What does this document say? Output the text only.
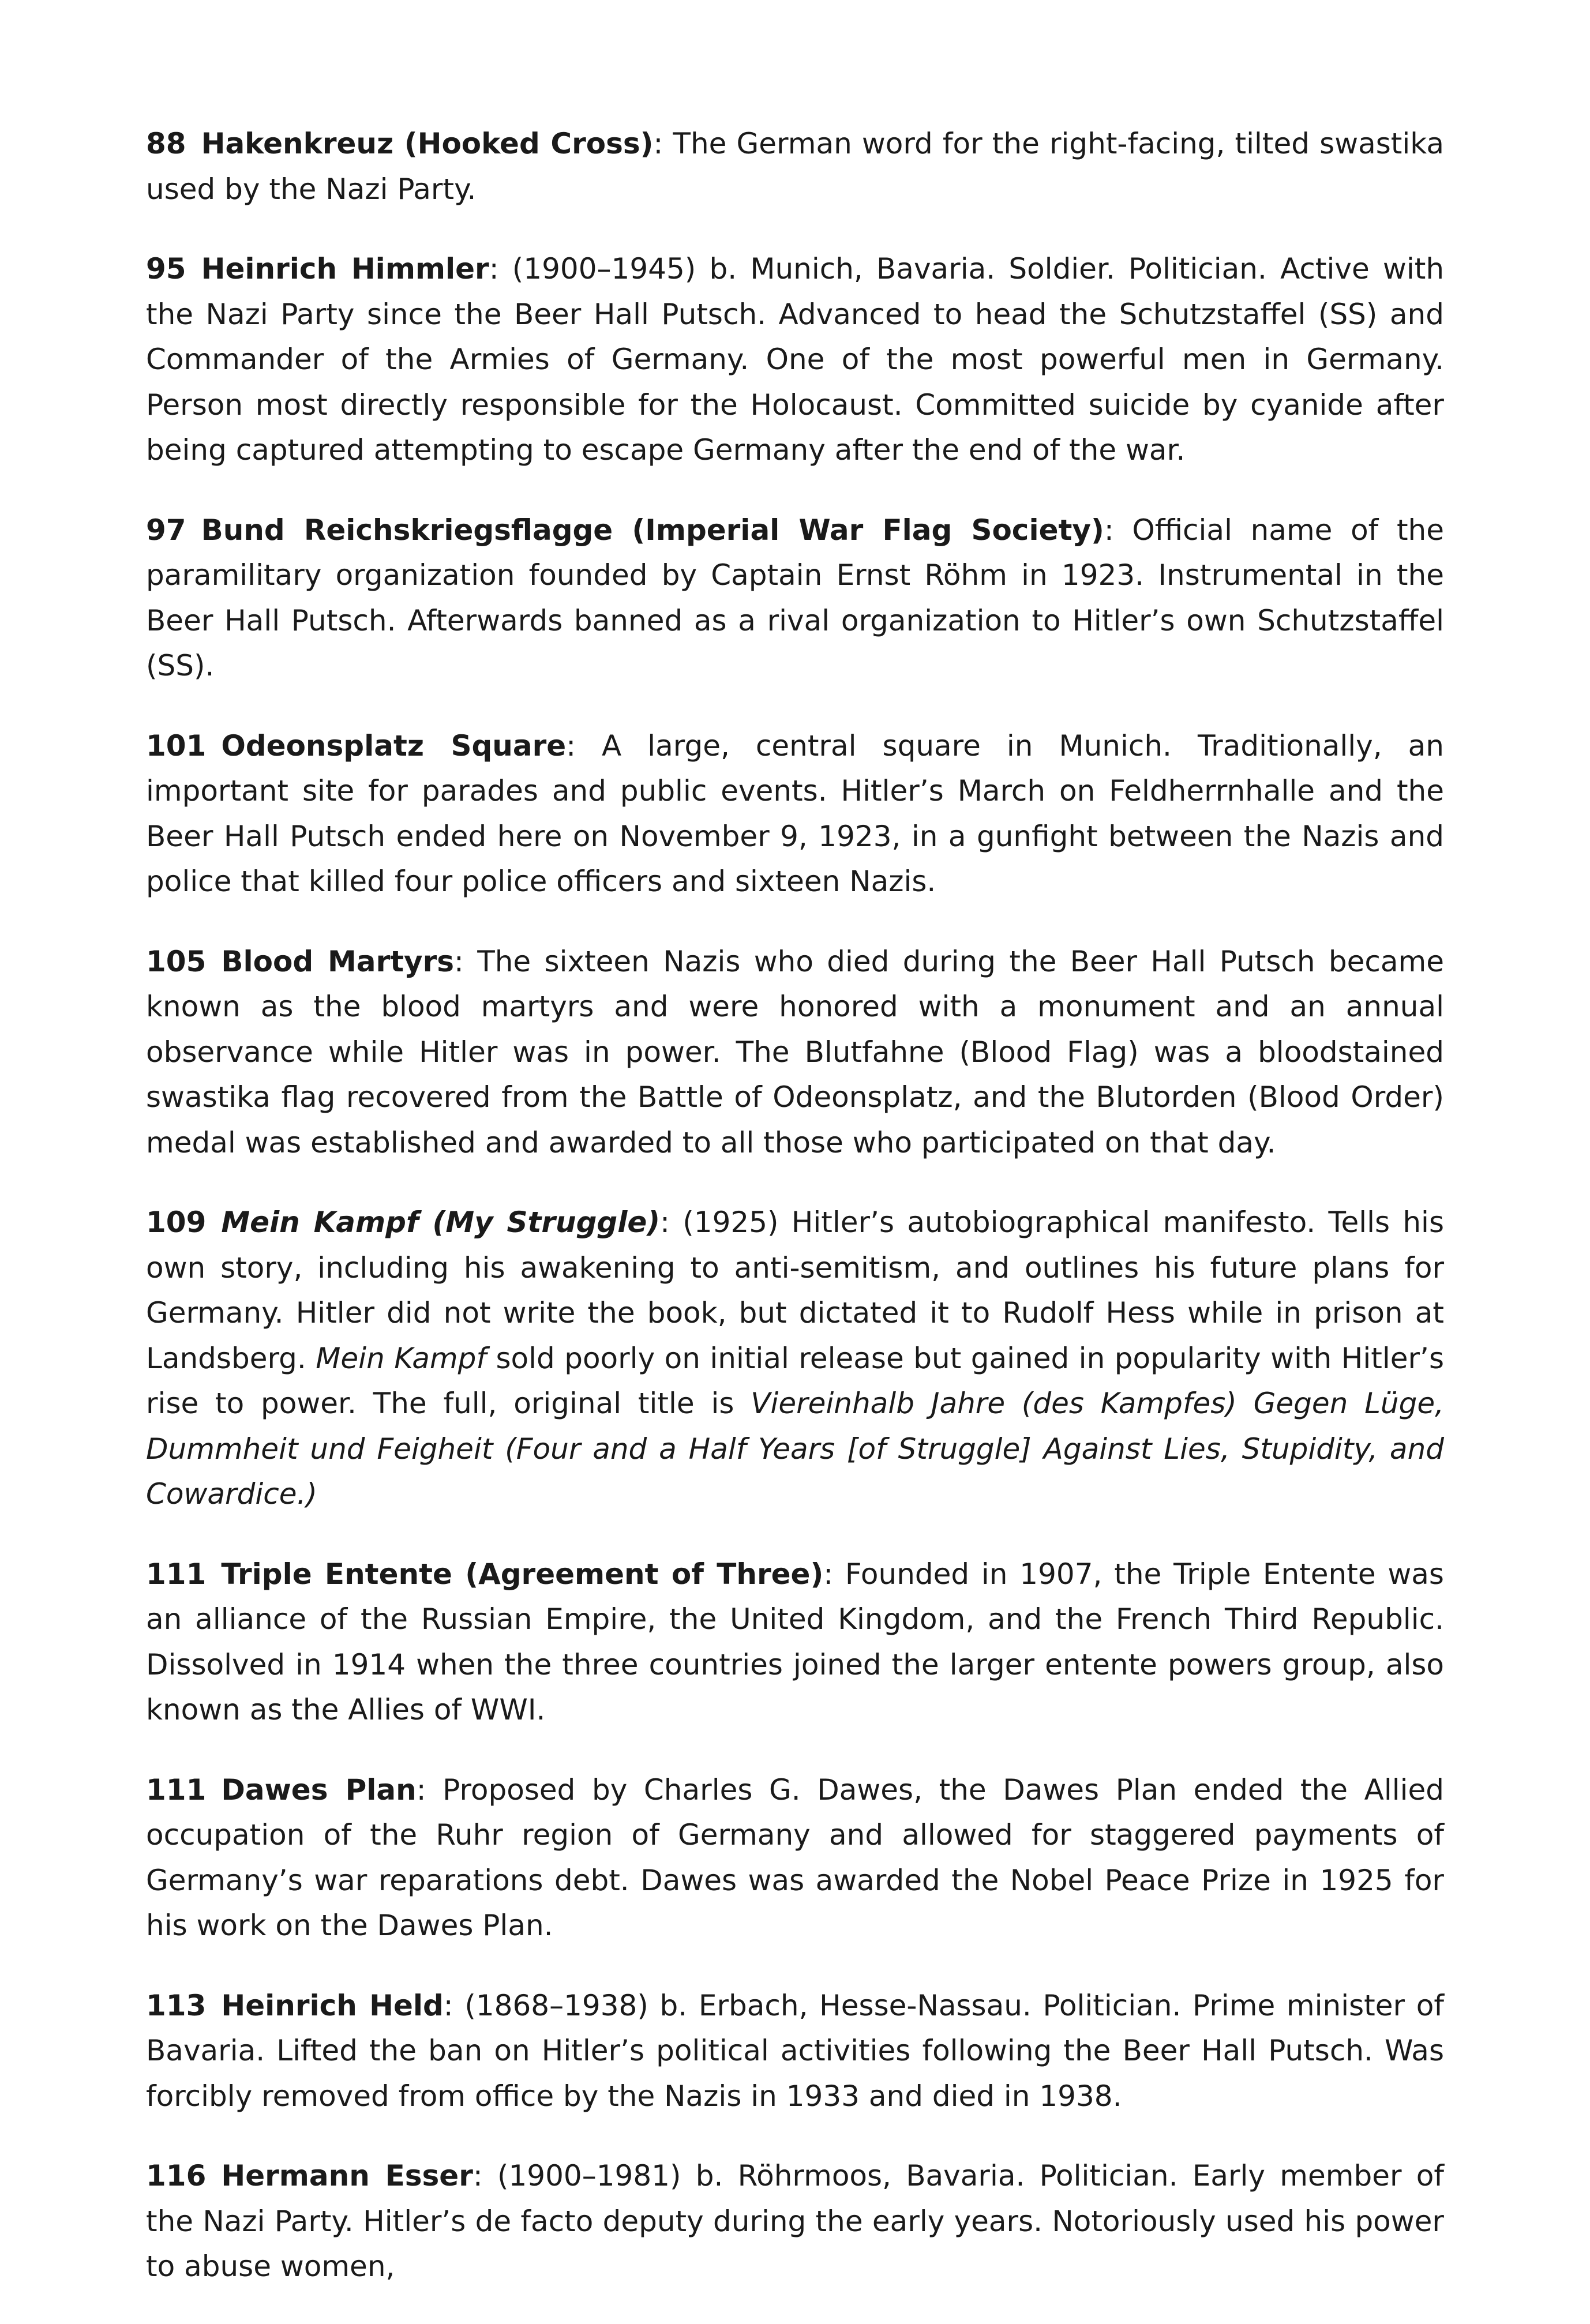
88 Hakenkreuz (Hooked Cross): The German word for the right-facing, tilted swastika used by the Nazi Party.

95 Heinrich Himmler: (1900–1945) b. Munich, Bavaria. Soldier. Politician. Active with the Nazi Party since the Beer Hall Putsch. Advanced to head the Schutzstaffel (SS) and Commander of the Armies of Germany. One of the most powerful men in Germany. Person most directly responsible for the Holocaust. Committed suicide by cyanide after being captured attempting to escape Germany after the end of the war.

97 Bund Reichskriegsflagge (Imperial War Flag Society): Official name of the paramilitary organization founded by Captain Ernst Röhm in 1923. Instrumental in the Beer Hall Putsch. Afterwards banned as a rival organization to Hitler’s own Schutzstaffel (SS).

101 Odeonsplatz Square: A large, central square in Munich. Traditionally, an important site for parades and public events. Hitler’s March on Feldherrnhalle and the Beer Hall Putsch ended here on November 9, 1923, in a gunfight between the Nazis and police that killed four police officers and sixteen Nazis.

105 Blood Martyrs: The sixteen Nazis who died during the Beer Hall Putsch became known as the blood martyrs and were honored with a monument and an annual observance while Hitler was in power. The Blutfahne (Blood Flag) was a bloodstained swastika flag recovered from the Battle of Odeonsplatz, and the Blutorden (Blood Order) medal was established and awarded to all those who participated on that day.

109 Mein Kampf (My Struggle): (1925) Hitler’s autobiographical manifesto. Tells his own story, including his awakening to anti-semitism, and outlines his future plans for Germany. Hitler did not write the book, but dictated it to Rudolf Hess while in prison at Landsberg. Mein Kampf sold poorly on initial release but gained in popularity with Hitler’s rise to power. The full, original title is Viereinhalb Jahre (des Kampfes) Gegen Lüge, Dummheit und Feigheit (Four and a Half Years [of Struggle] Against Lies, Stupidity, and Cowardice.)

111 Triple Entente (Agreement of Three): Founded in 1907, the Triple Entente was an alliance of the Russian Empire, the United Kingdom, and the French Third Republic. Dissolved in 1914 when the three countries joined the larger entente powers group, also known as the Allies of WWI.

111 Dawes Plan: Proposed by Charles G. Dawes, the Dawes Plan ended the Allied occupation of the Ruhr region of Germany and allowed for staggered payments of Germany’s war reparations debt. Dawes was awarded the Nobel Peace Prize in 1925 for his work on the Dawes Plan.

113 Heinrich Held: (1868–1938) b. Erbach, Hesse-Nassau. Politician. Prime minister of Bavaria. Lifted the ban on Hitler’s political activities following the Beer Hall Putsch. Was forcibly removed from office by the Nazis in 1933 and died in 1938.

116 Hermann Esser: (1900–1981) b. Röhrmoos, Bavaria. Politician. Early member of the Nazi Party. Hitler’s de facto deputy during the early years. Notoriously used his power to abuse women,
